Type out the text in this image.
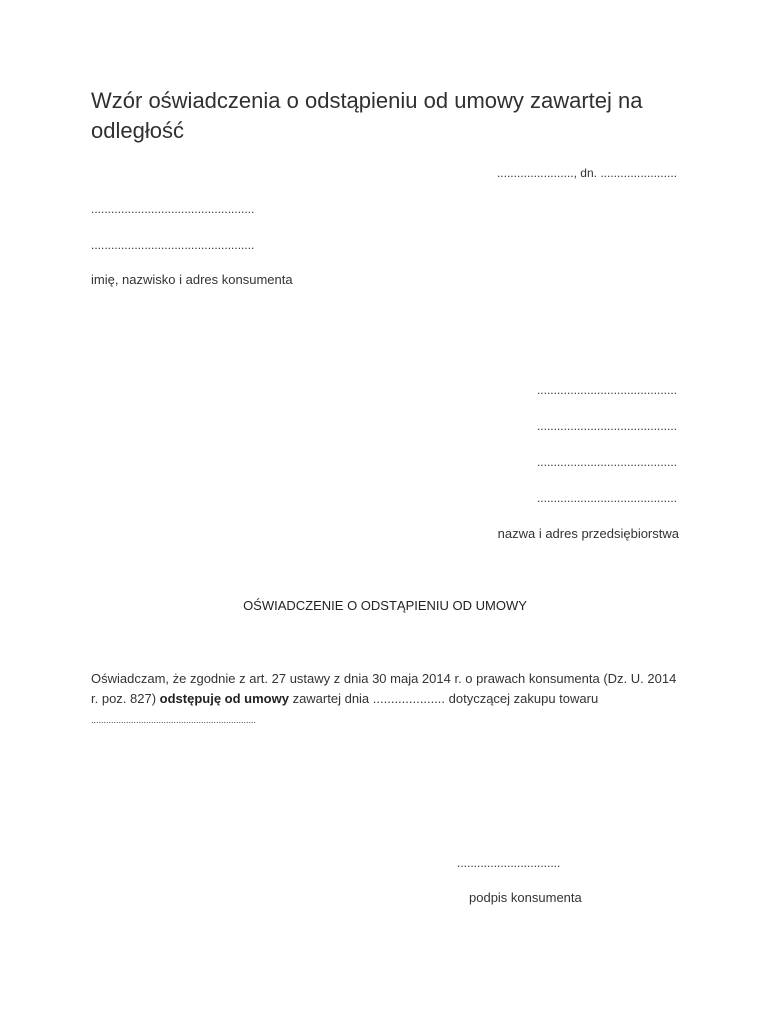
Wzór oświadczenia o odstąpieniu od umowy zawartej na odległość
......................., dn. .......................
.................................................
.................................................
imię, nazwisko i adres konsumenta
..........................................
..........................................
..........................................
..........................................
nazwa i adres przedsiębiorstwa
OŚWIADCZENIE O ODSTĄPIENIU OD UMOWY

Oświadczam, że zgodnie z art. 27 ustawy z dnia 30 maja 2014 r. o prawach konsumenta (Dz. U. 2014 r. poz. 827) odstępuję od umowy zawartej dnia .................... dotyczącej zakupu towaru ..................................................................

...............................
podpis konsumenta
